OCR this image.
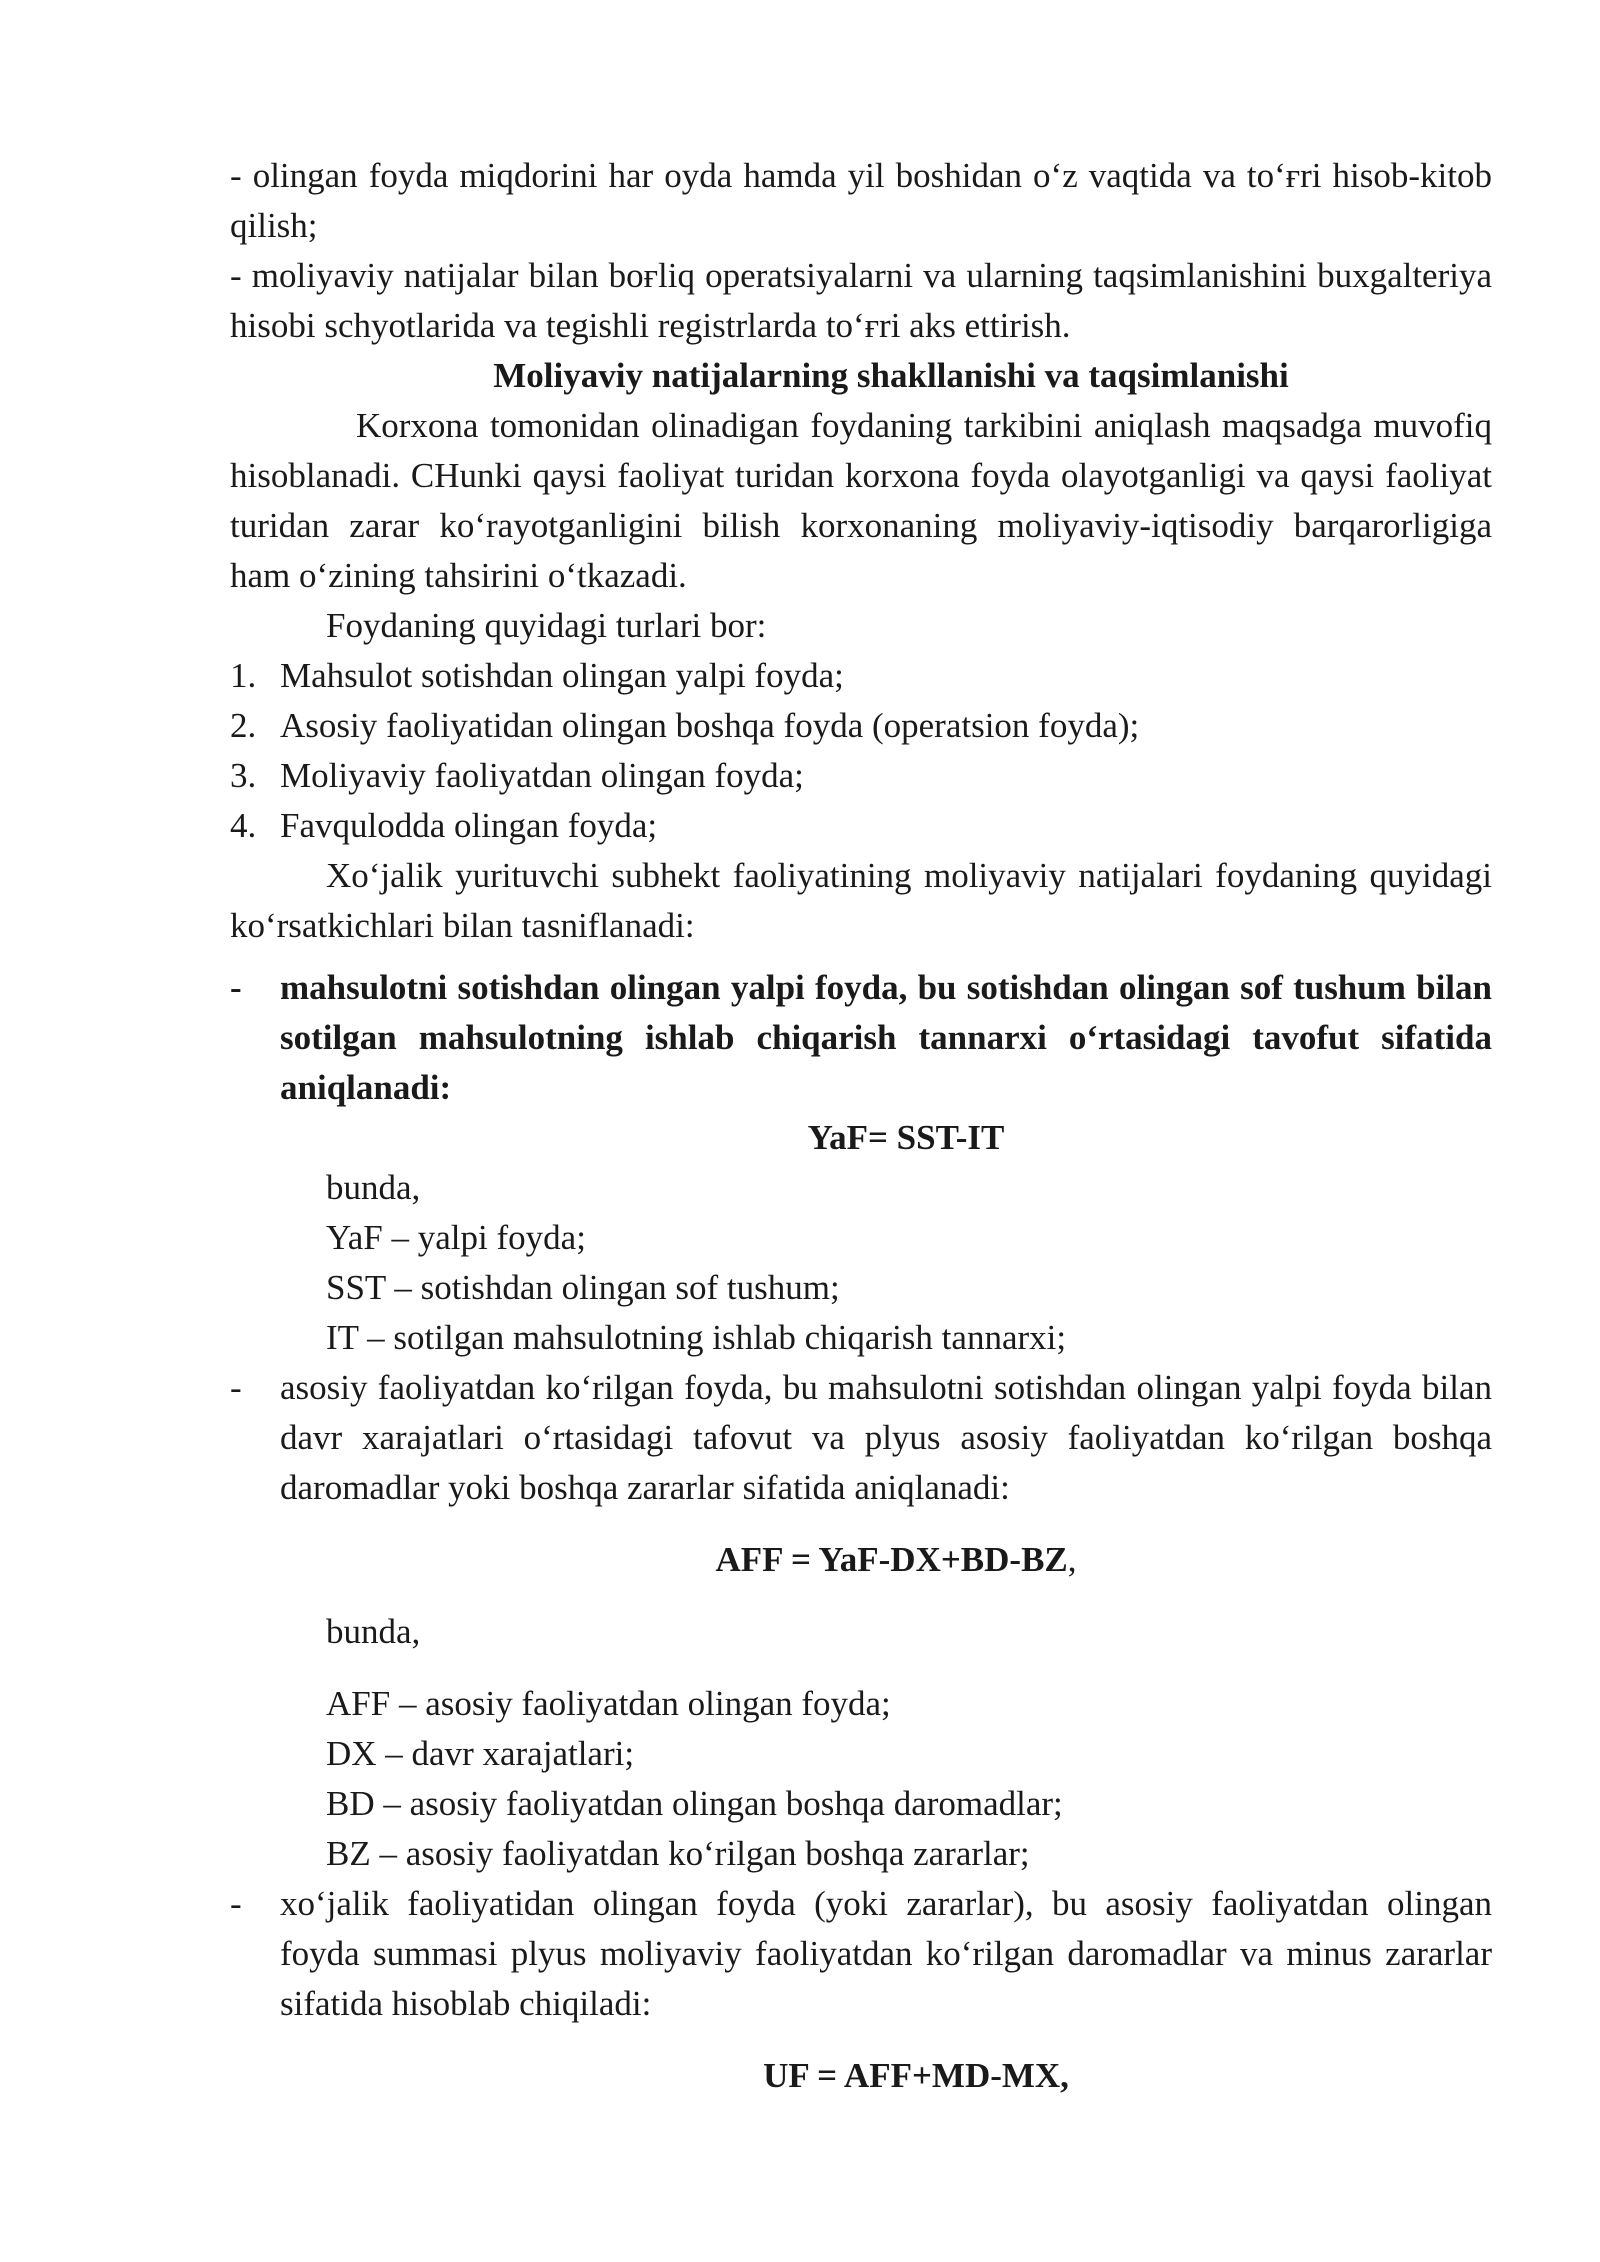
- olingan foyda miqdorini har oyda hamda yil boshidan o‘z vaqtida va to‘ғri hisob-kitob qilish;

- moliyaviy natijalar bilan boғliq operatsiyalarni va ularning taqsimlanishini buxgalteriya hisobi schyotlarida va tegishli registrlarda to‘ғri aks ettirish.

Moliyaviy natijalarning shakllanishi va taqsimlanishi

Korxona tomonidan olinadigan foydaning tarkibini aniqlash maqsadga muvofiq hisoblanadi. CHunki qaysi faoliyat turidan korxona foyda olayotganligi va qaysi faoliyat turidan zarar ko‘rayotganligini bilish korxonaning moliyaviy-iqtisodiy barqarorligiga ham o‘zining tahsirini o‘tkazadi.

Foydaning quyidagi turlari bor:

1. Mahsulot sotishdan olingan yalpi foyda;
2. Asosiy faoliyatidan olingan boshqa foyda (operatsion foyda);
3. Moliyaviy faoliyatdan olingan foyda;
4. Favqulodda olingan foyda;

Xo‘jalik yurituvchi subhekt faoliyatining moliyaviy natijalari foydaning quyidagi ko‘rsatkichlari bilan tasniflanadi:

-	mahsulotni sotishdan olingan yalpi foyda, bu sotishdan olingan sof tushum bilan sotilgan mahsulotning ishlab chiqarish tannarxi o‘rtasidagi tavofut sifatida aniqlanadi:

YaF= SST-IT

bunda,

YaF – yalpi foyda;

SST – sotishdan olingan sof tushum;

IT – sotilgan mahsulotning ishlab chiqarish tannarxi;

-	asosiy faoliyatdan ko‘rilgan foyda, bu mahsulotni sotishdan olingan yalpi foyda bilan davr xarajatlari o‘rtasidagi tafovut va plyus asosiy faoliyatdan ko‘rilgan boshqa daromadlar yoki boshqa zararlar sifatida aniqlanadi:

AFF = YaF-DX+BD-BZ,

bunda,

AFF – asosiy faoliyatdan olingan foyda;

DX – davr xarajatlari;

BD – asosiy faoliyatdan olingan boshqa daromadlar;

BZ – asosiy faoliyatdan ko‘rilgan boshqa zararlar;

-	xo‘jalik faoliyatidan olingan foyda (yoki zararlar), bu asosiy faoliyatdan olingan foyda summasi plyus moliyaviy faoliyatdan ko‘rilgan daromadlar va minus zararlar sifatida hisoblab chiqiladi:

UF = AFF+MD-MX,
